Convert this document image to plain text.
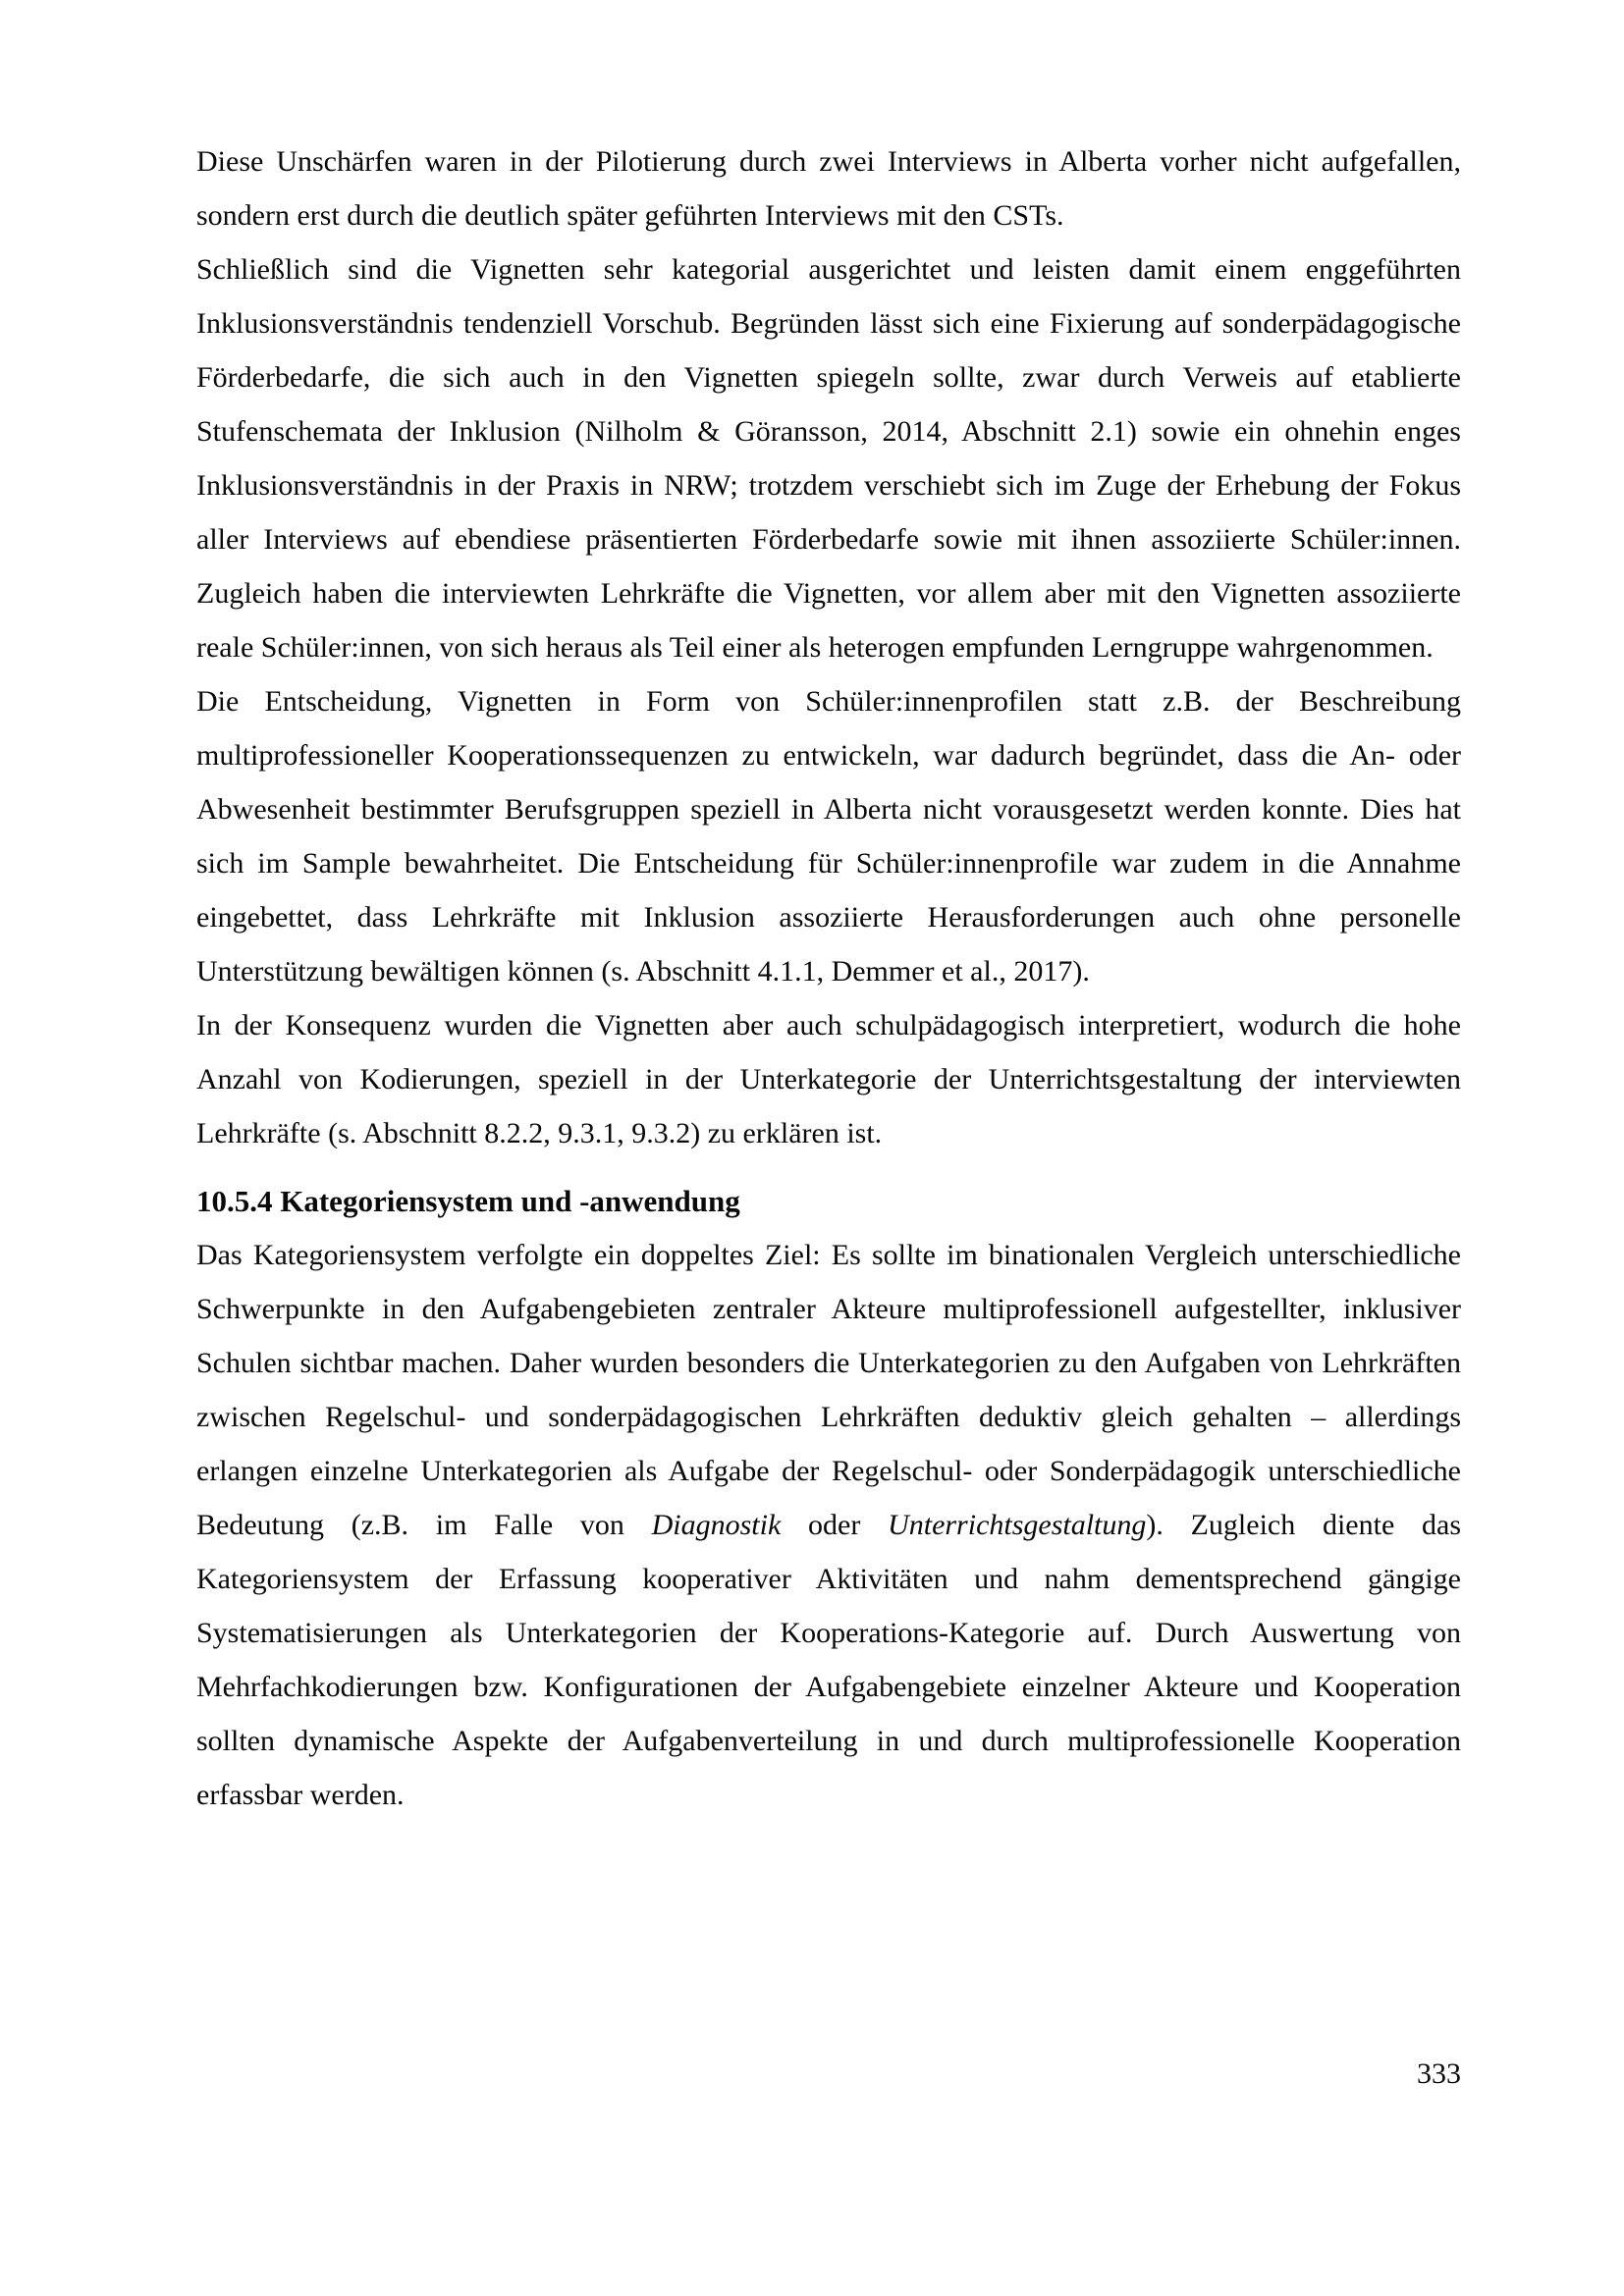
Diese Unschärfen waren in der Pilotierung durch zwei Interviews in Alberta vorher nicht aufgefallen, sondern erst durch die deutlich später geführten Interviews mit den CSTs.

Schließlich sind die Vignetten sehr kategorial ausgerichtet und leisten damit einem enggeführten Inklusionsverständnis tendenziell Vorschub. Begründen lässt sich eine Fixierung auf sonderpädagogische Förderbedarfe, die sich auch in den Vignetten spiegeln sollte, zwar durch Verweis auf etablierte Stufenschemata der Inklusion (Nilholm & Göransson, 2014, Abschnitt 2.1) sowie ein ohnehin enges Inklusionsverständnis in der Praxis in NRW; trotzdem verschiebt sich im Zuge der Erhebung der Fokus aller Interviews auf ebendiese präsentierten Förderbedarfe sowie mit ihnen assoziierte Schüler:innen. Zugleich haben die interviewten Lehrkräfte die Vignetten, vor allem aber mit den Vignetten assoziierte reale Schüler:innen, von sich heraus als Teil einer als heterogen empfunden Lerngruppe wahrgenommen.

Die Entscheidung, Vignetten in Form von Schüler:innenprofilen statt z.B. der Beschreibung multiprofessioneller Kooperationssequenzen zu entwickeln, war dadurch begründet, dass die An- oder Abwesenheit bestimmter Berufsgruppen speziell in Alberta nicht vorausgesetzt werden konnte. Dies hat sich im Sample bewahrheitet. Die Entscheidung für Schüler:innenprofile war zudem in die Annahme eingebettet, dass Lehrkräfte mit Inklusion assoziierte Herausforderungen auch ohne personelle Unterstützung bewältigen können (s. Abschnitt 4.1.1, Demmer et al., 2017).

In der Konsequenz wurden die Vignetten aber auch schulpädagogisch interpretiert, wodurch die hohe Anzahl von Kodierungen, speziell in der Unterkategorie der Unterrichtsgestaltung der interviewten Lehrkräfte (s. Abschnitt 8.2.2, 9.3.1, 9.3.2) zu erklären ist.

10.5.4 Kategoriensystem und -anwendung

Das Kategoriensystem verfolgte ein doppeltes Ziel: Es sollte im binationalen Vergleich unterschiedliche Schwerpunkte in den Aufgabengebieten zentraler Akteure multiprofessionell aufgestellter, inklusiver Schulen sichtbar machen. Daher wurden besonders die Unterkategorien zu den Aufgaben von Lehrkräften zwischen Regelschul- und sonderpädagogischen Lehrkräften deduktiv gleich gehalten – allerdings erlangen einzelne Unterkategorien als Aufgabe der Regelschul- oder Sonderpädagogik unterschiedliche Bedeutung (z.B. im Falle von Diagnostik oder Unterrichtsgestaltung). Zugleich diente das Kategoriensystem der Erfassung kooperativer Aktivitäten und nahm dementsprechend gängige Systematisierungen als Unterkategorien der Kooperations-Kategorie auf. Durch Auswertung von Mehrfachkodierungen bzw. Konfigurationen der Aufgabengebiete einzelner Akteure und Kooperation sollten dynamische Aspekte der Aufgabenverteilung in und durch multiprofessionelle Kooperation erfassbar werden.

333
